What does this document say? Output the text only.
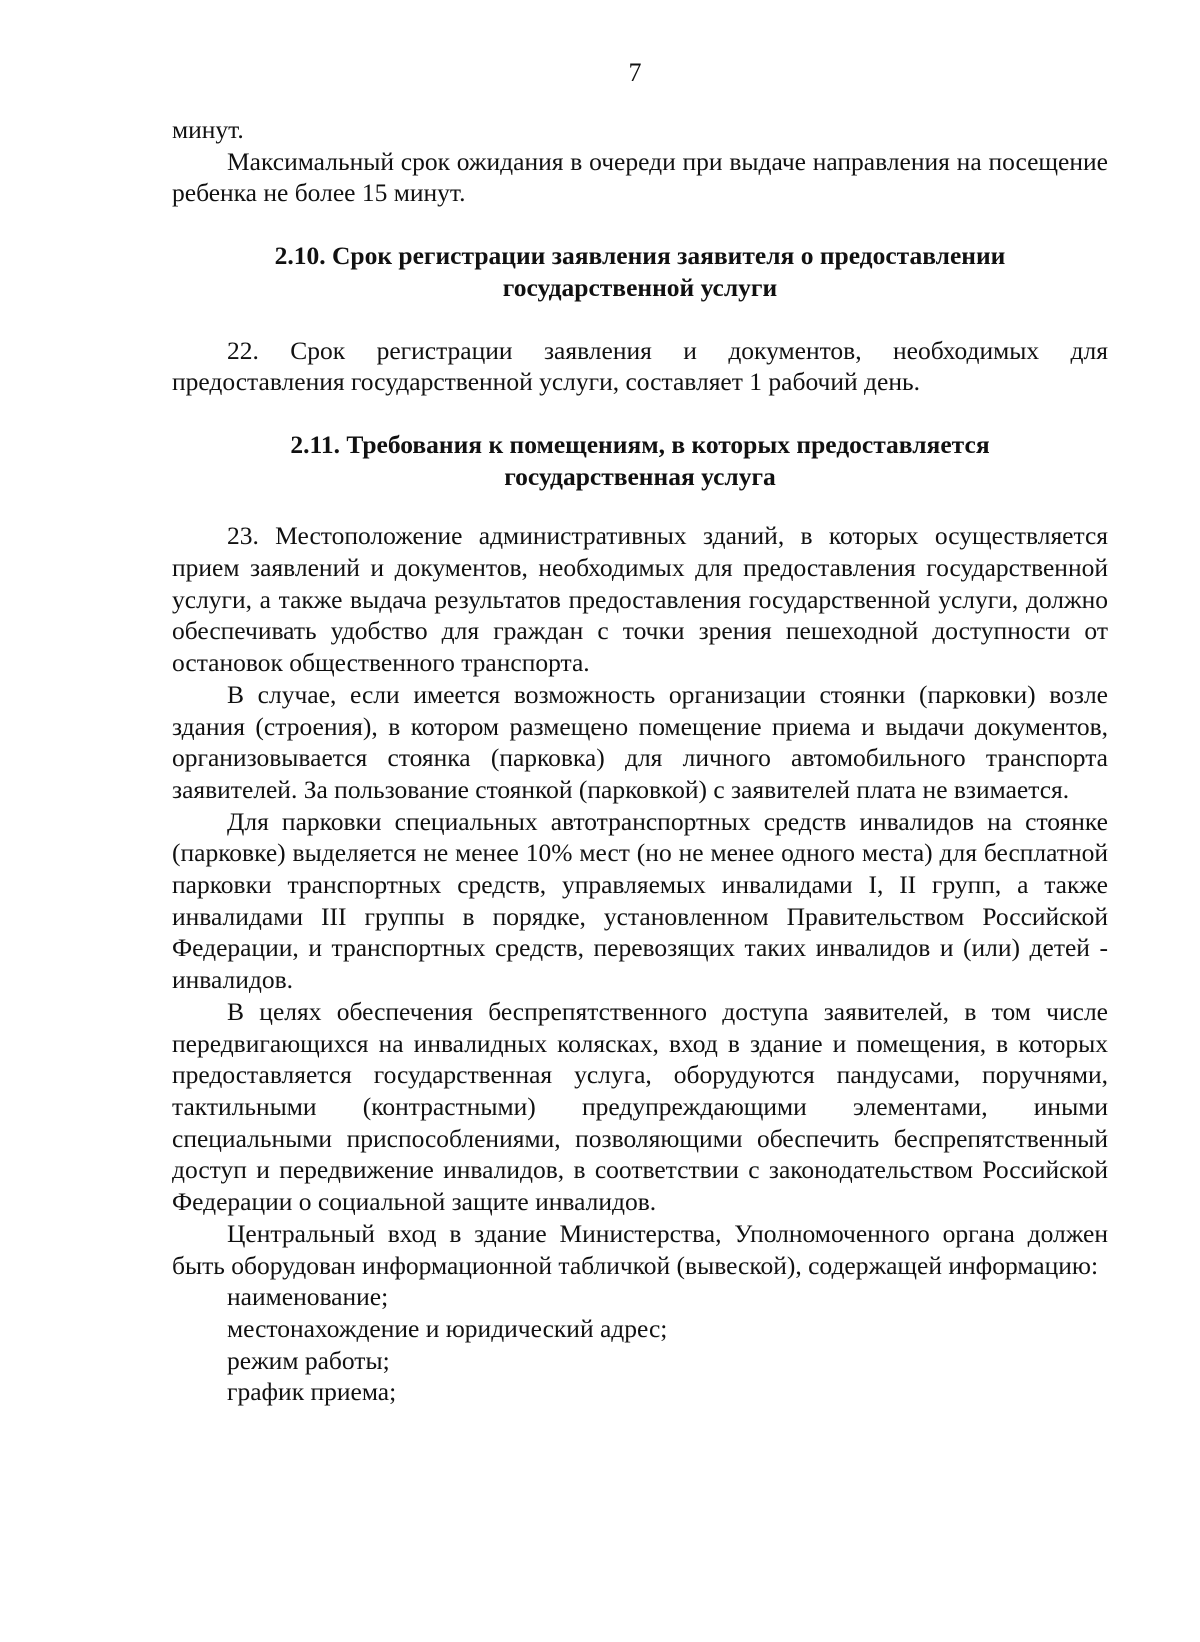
7

минут.

Максимальный срок ожидания в очереди при выдаче направления на посещение ребенка не более 15 минут.

2.10. Срок регистрации заявления заявителя о предоставлении

государственной услуги

22. Срок регистрации заявления и документов, необходимых для предоставления государственной услуги, составляет 1 рабочий день.

2.11. Требования к помещениям, в которых предоставляется

государственная услуга

23. Местоположение административных зданий, в которых осуществляется прием заявлений и документов, необходимых для предоставления государственной услуги, а также выдача результатов предоставления государственной услуги, должно обеспечивать удобство для граждан с точки зрения пешеходной доступности от остановок общественного транспорта.

В случае, если имеется возможность организации стоянки (парковки) возле здания (строения), в котором размещено помещение приема и выдачи документов, организовывается стоянка (парковка) для личного автомобильного транспорта заявителей. За пользование стоянкой (парковкой) с заявителей плата не взимается.

Для парковки специальных автотранспортных средств инвалидов на стоянке (парковке) выделяется не менее 10% мест (но не менее одного места) для бесплатной парковки транспортных средств, управляемых инвалидами I, II групп, а также инвалидами III группы в порядке, установленном Правительством Российской Федерации, и транспортных средств, перевозящих таких инвалидов и (или) детей - инвалидов.

В целях обеспечения беспрепятственного доступа заявителей, в том числе передвигающихся на инвалидных колясках, вход в здание и помещения, в которых предоставляется государственная услуга, оборудуются пандусами, поручнями, тактильными (контрастными) предупреждающими элементами, иными специальными приспособлениями, позволяющими обеспечить беспрепятственный доступ и передвижение инвалидов, в соответствии с законодательством Российской Федерации о социальной защите инвалидов.

Центральный вход в здание Министерства, Уполномоченного органа должен быть оборудован информационной табличкой (вывеской), содержащей информацию:

наименование;

местонахождение и юридический адрес;

режим работы;

график приема;
